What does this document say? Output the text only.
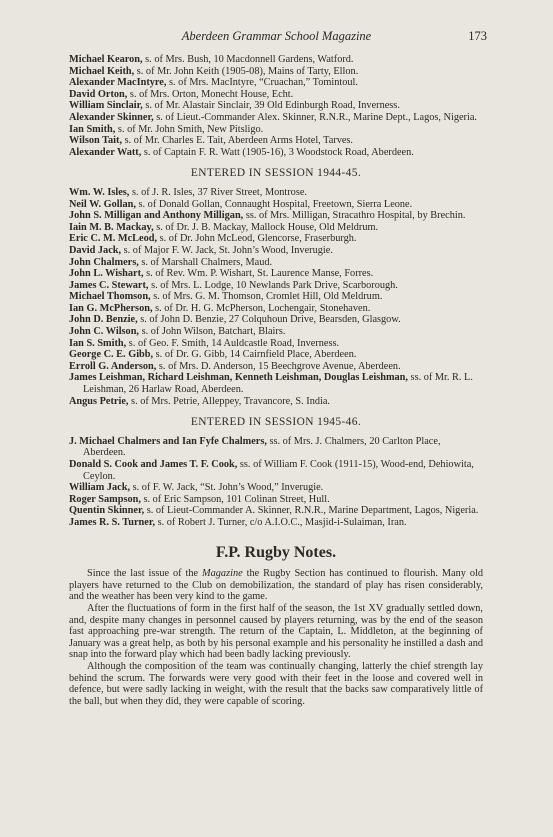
Aberdeen Grammar School Magazine	173
Michael Kearon, s. of Mrs. Bush, 10 Macdonnell Gardens, Watford.
Michael Keith, s. of Mr. John Keith (1905-08), Mains of Tarty, Ellon.
Alexander MacIntyre, s. of Mrs. MacIntyre, “Cruachan,” Tomintoul.
David Orton, s. of Mrs. Orton, Monecht House, Echt.
William Sinclair, s. of Mr. Alastair Sinclair, 39 Old Edinburgh Road, Inverness.
Alexander Skinner, s. of Lieut.-Commander Alex. Skinner, R.N.R., Marine Dept., Lagos, Nigeria.
Ian Smith, s. of Mr. John Smith, New Pitsligo.
Wilson Tait, s. of Mr. Charles E. Tait, Aberdeen Arms Hotel, Tarves.
Alexander Watt, s. of Captain F. R. Watt (1905-16), 3 Woodstock Road, Aberdeen.
ENTERED IN SESSION 1944-45.
Wm. W. Isles, s. of J. R. Isles, 37 River Street, Montrose.
Neil W. Gollan, s. of Donald Gollan, Connaught Hospital, Freetown, Sierra Leone.
John S. Milligan and Anthony Milligan, ss. of Mrs. Milligan, Stracathro Hospital, by Brechin.
Iain M. B. Mackay, s. of Dr. J. B. Mackay, Mallock House, Old Meldrum.
Eric C. M. McLeod, s. of Dr. John McLeod, Glencorse, Fraserburgh.
David Jack, s. of Major F. W. Jack, St. John’s Wood, Inverugie.
John Chalmers, s. of Marshall Chalmers, Maud.
John L. Wishart, s. of Rev. Wm. P. Wishart, St. Laurence Manse, Forres.
James C. Stewart, s. of Mrs. L. Lodge, 10 Newlands Park Drive, Scarborough.
Michael Thomson, s. of Mrs. G. M. Thomson, Cromlet Hill, Old Meldrum.
Ian G. McPherson, s. of Dr. H. G. McPherson, Lochengair, Stonehaven.
John D. Benzie, s. of John D. Benzie, 27 Colquhoun Drive, Bearsden, Glasgow.
John C. Wilson, s. of John Wilson, Batchart, Blairs.
Ian S. Smith, s. of Geo. F. Smith, 14 Auldcastle Road, Inverness.
George C. E. Gibb, s. of Dr. G. Gibb, 14 Cairnfield Place, Aberdeen.
Erroll G. Anderson, s. of Mrs. D. Anderson, 15 Beechgrove Avenue, Aberdeen.
James Leishman, Richard Leishman, Kenneth Leishman, Douglas Leishman, ss. of Mr. R. L. Leishman, 26 Harlaw Road, Aberdeen.
Angus Petrie, s. of Mrs. Petrie, Alleppey, Travancore, S. India.
ENTERED IN SESSION 1945-46.
J. Michael Chalmers and Ian Fyfe Chalmers, ss. of Mrs. J. Chalmers, 20 Carlton Place, Aberdeen.
Donald S. Cook and James T. F. Cook, ss. of William F. Cook (1911-15), Wood-end, Dehiowita, Ceylon.
William Jack, s. of F. W. Jack, “St. John’s Wood,” Inverugie.
Roger Sampson, s. of Eric Sampson, 101 Colinan Street, Hull.
Quentin Skinner, s. of Lieut-Commander A. Skinner, R.N.R., Marine Department, Lagos, Nigeria.
James R. S. Turner, s. of Robert J. Turner, c/o A.I.O.C., Masjid-i-Sulaiman, Iran.
F.P. Rugby Notes.
Since the last issue of the Magazine the Rugby Section has continued to flourish. Many old players have returned to the Club on demobilization, the standard of play has risen considerably, and the weather has been very kind to the game.
After the fluctuations of form in the first half of the season, the 1st XV gradually settled down, and, despite many changes in personnel caused by players returning, was by the end of the season fast approaching pre-war strength. The return of the Captain, L. Middleton, at the beginning of January was a great help, as both by his personal example and his personality he instilled a dash and snap into the forward play which had been badly lacking previously.
Although the composition of the team was continually changing, latterly the chief strength lay behind the scrum. The forwards were very good with their feet in the loose and covered well in defence, but were sadly lacking in weight, with the result that the backs saw comparatively little of the ball, but when they did, they were capable of scoring.
